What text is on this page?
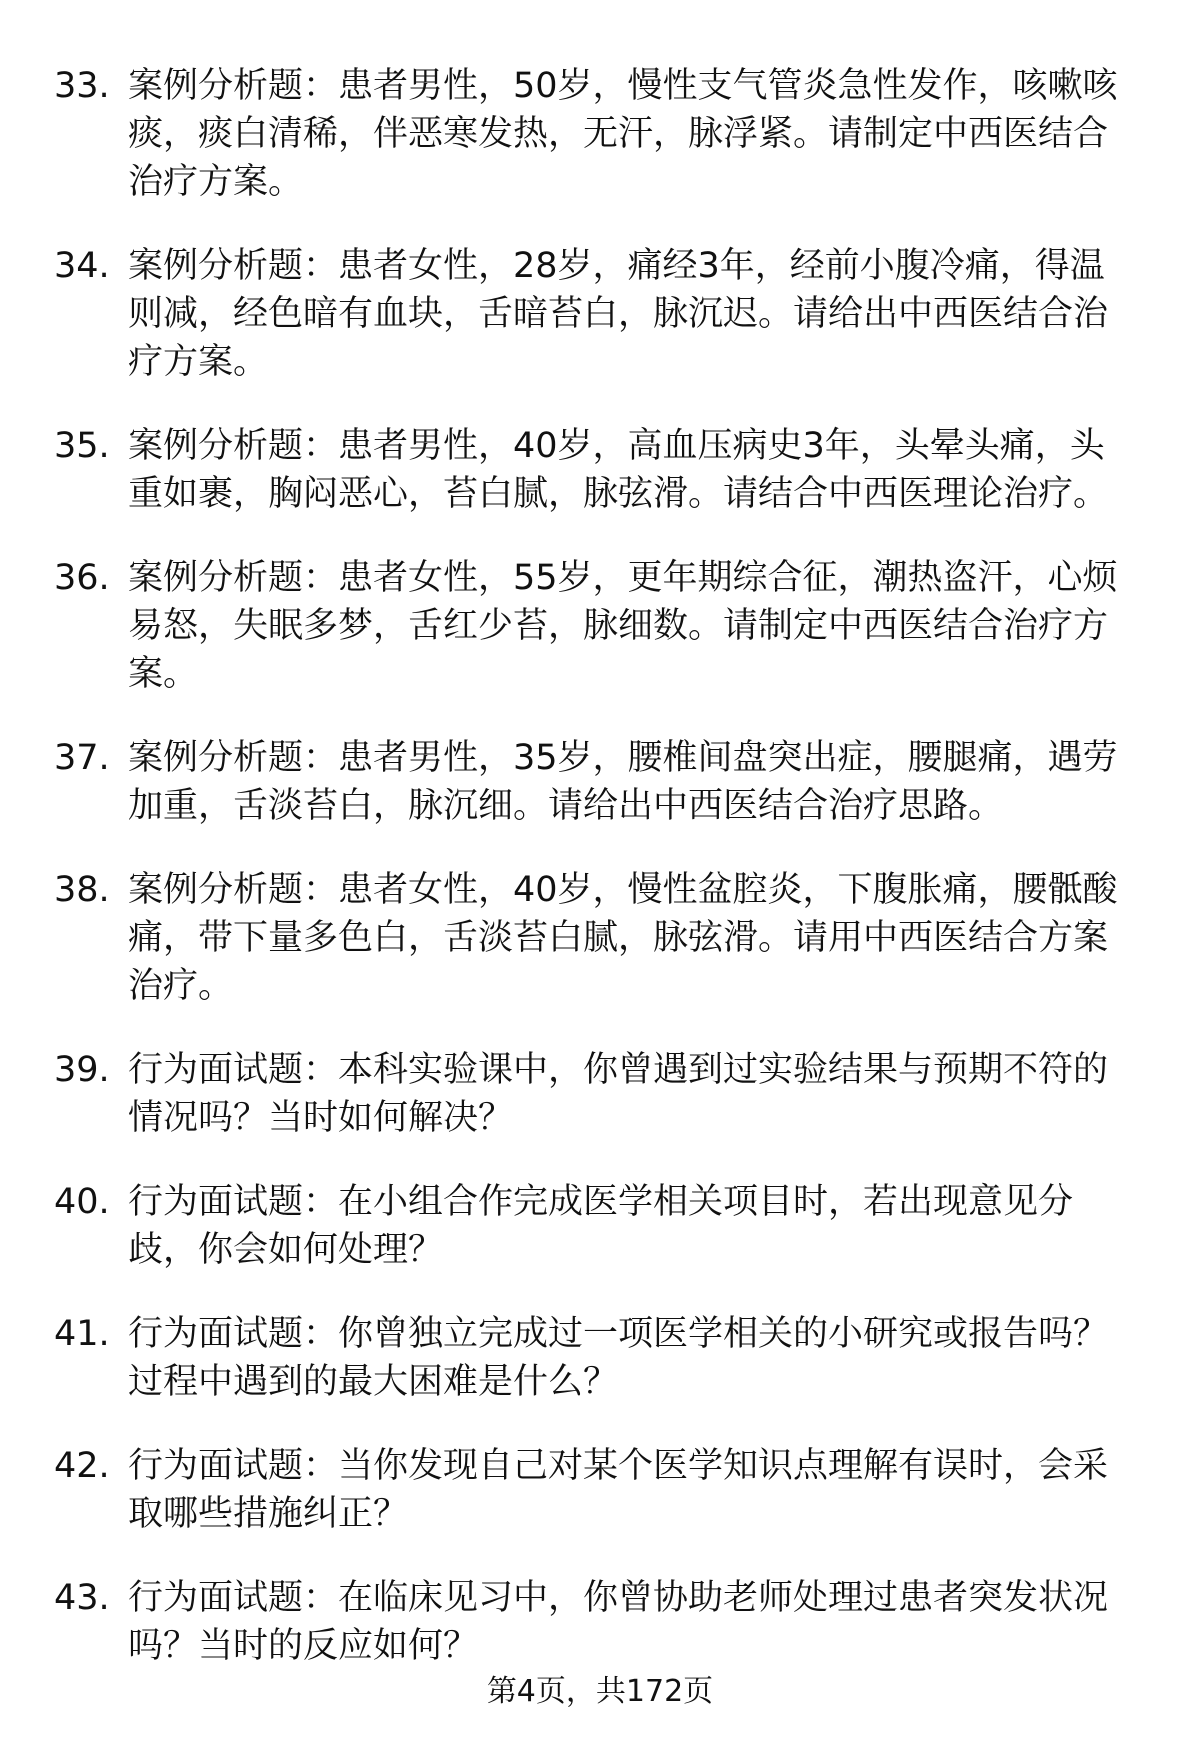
33. 案例分析题：患者男性，50岁，慢性支气管炎急性发作，咳嗽咳
痰，痰白清稀，伴恶寒发热，无汗，脉浮紧。请制定中西医结合
治疗方案。
34. 案例分析题：患者女性，28岁，痛经3年，经前小腹冷痛，得温
则减，经色暗有血块，舌暗苔白，脉沉迟。请给出中西医结合治
疗方案。
35. 案例分析题：患者男性，40岁，高血压病史3年，头晕头痛，头
重如裹，胸闷恶心，苔白腻，脉弦滑。请结合中西医理论治疗。
36. 案例分析题：患者女性，55岁，更年期综合征，潮热盗汗，心烦
易怒，失眠多梦，舌红少苔，脉细数。请制定中西医结合治疗方
案。
37. 案例分析题：患者男性，35岁，腰椎间盘突出症，腰腿痛，遇劳
加重，舌淡苔白，脉沉细。请给出中西医结合治疗思路。
38. 案例分析题：患者女性，40岁，慢性盆腔炎，下腹胀痛，腰骶酸
痛，带下量多色白，舌淡苔白腻，脉弦滑。请用中西医结合方案
治疗。
39. 行为面试题：本科实验课中，你曾遇到过实验结果与预期不符的
情况吗？当时如何解决？
40. 行为面试题：在小组合作完成医学相关项目时，若出现意见分
歧，你会如何处理？
41. 行为面试题：你曾独立完成过一项医学相关的小研究或报告吗？
过程中遇到的最大困难是什么？
42. 行为面试题：当你发现自己对某个医学知识点理解有误时，会采
取哪些措施纠正？
43. 行为面试题：在临床见习中，你曾协助老师处理过患者突发状况
吗？当时的反应如何？
第4页，共172页
